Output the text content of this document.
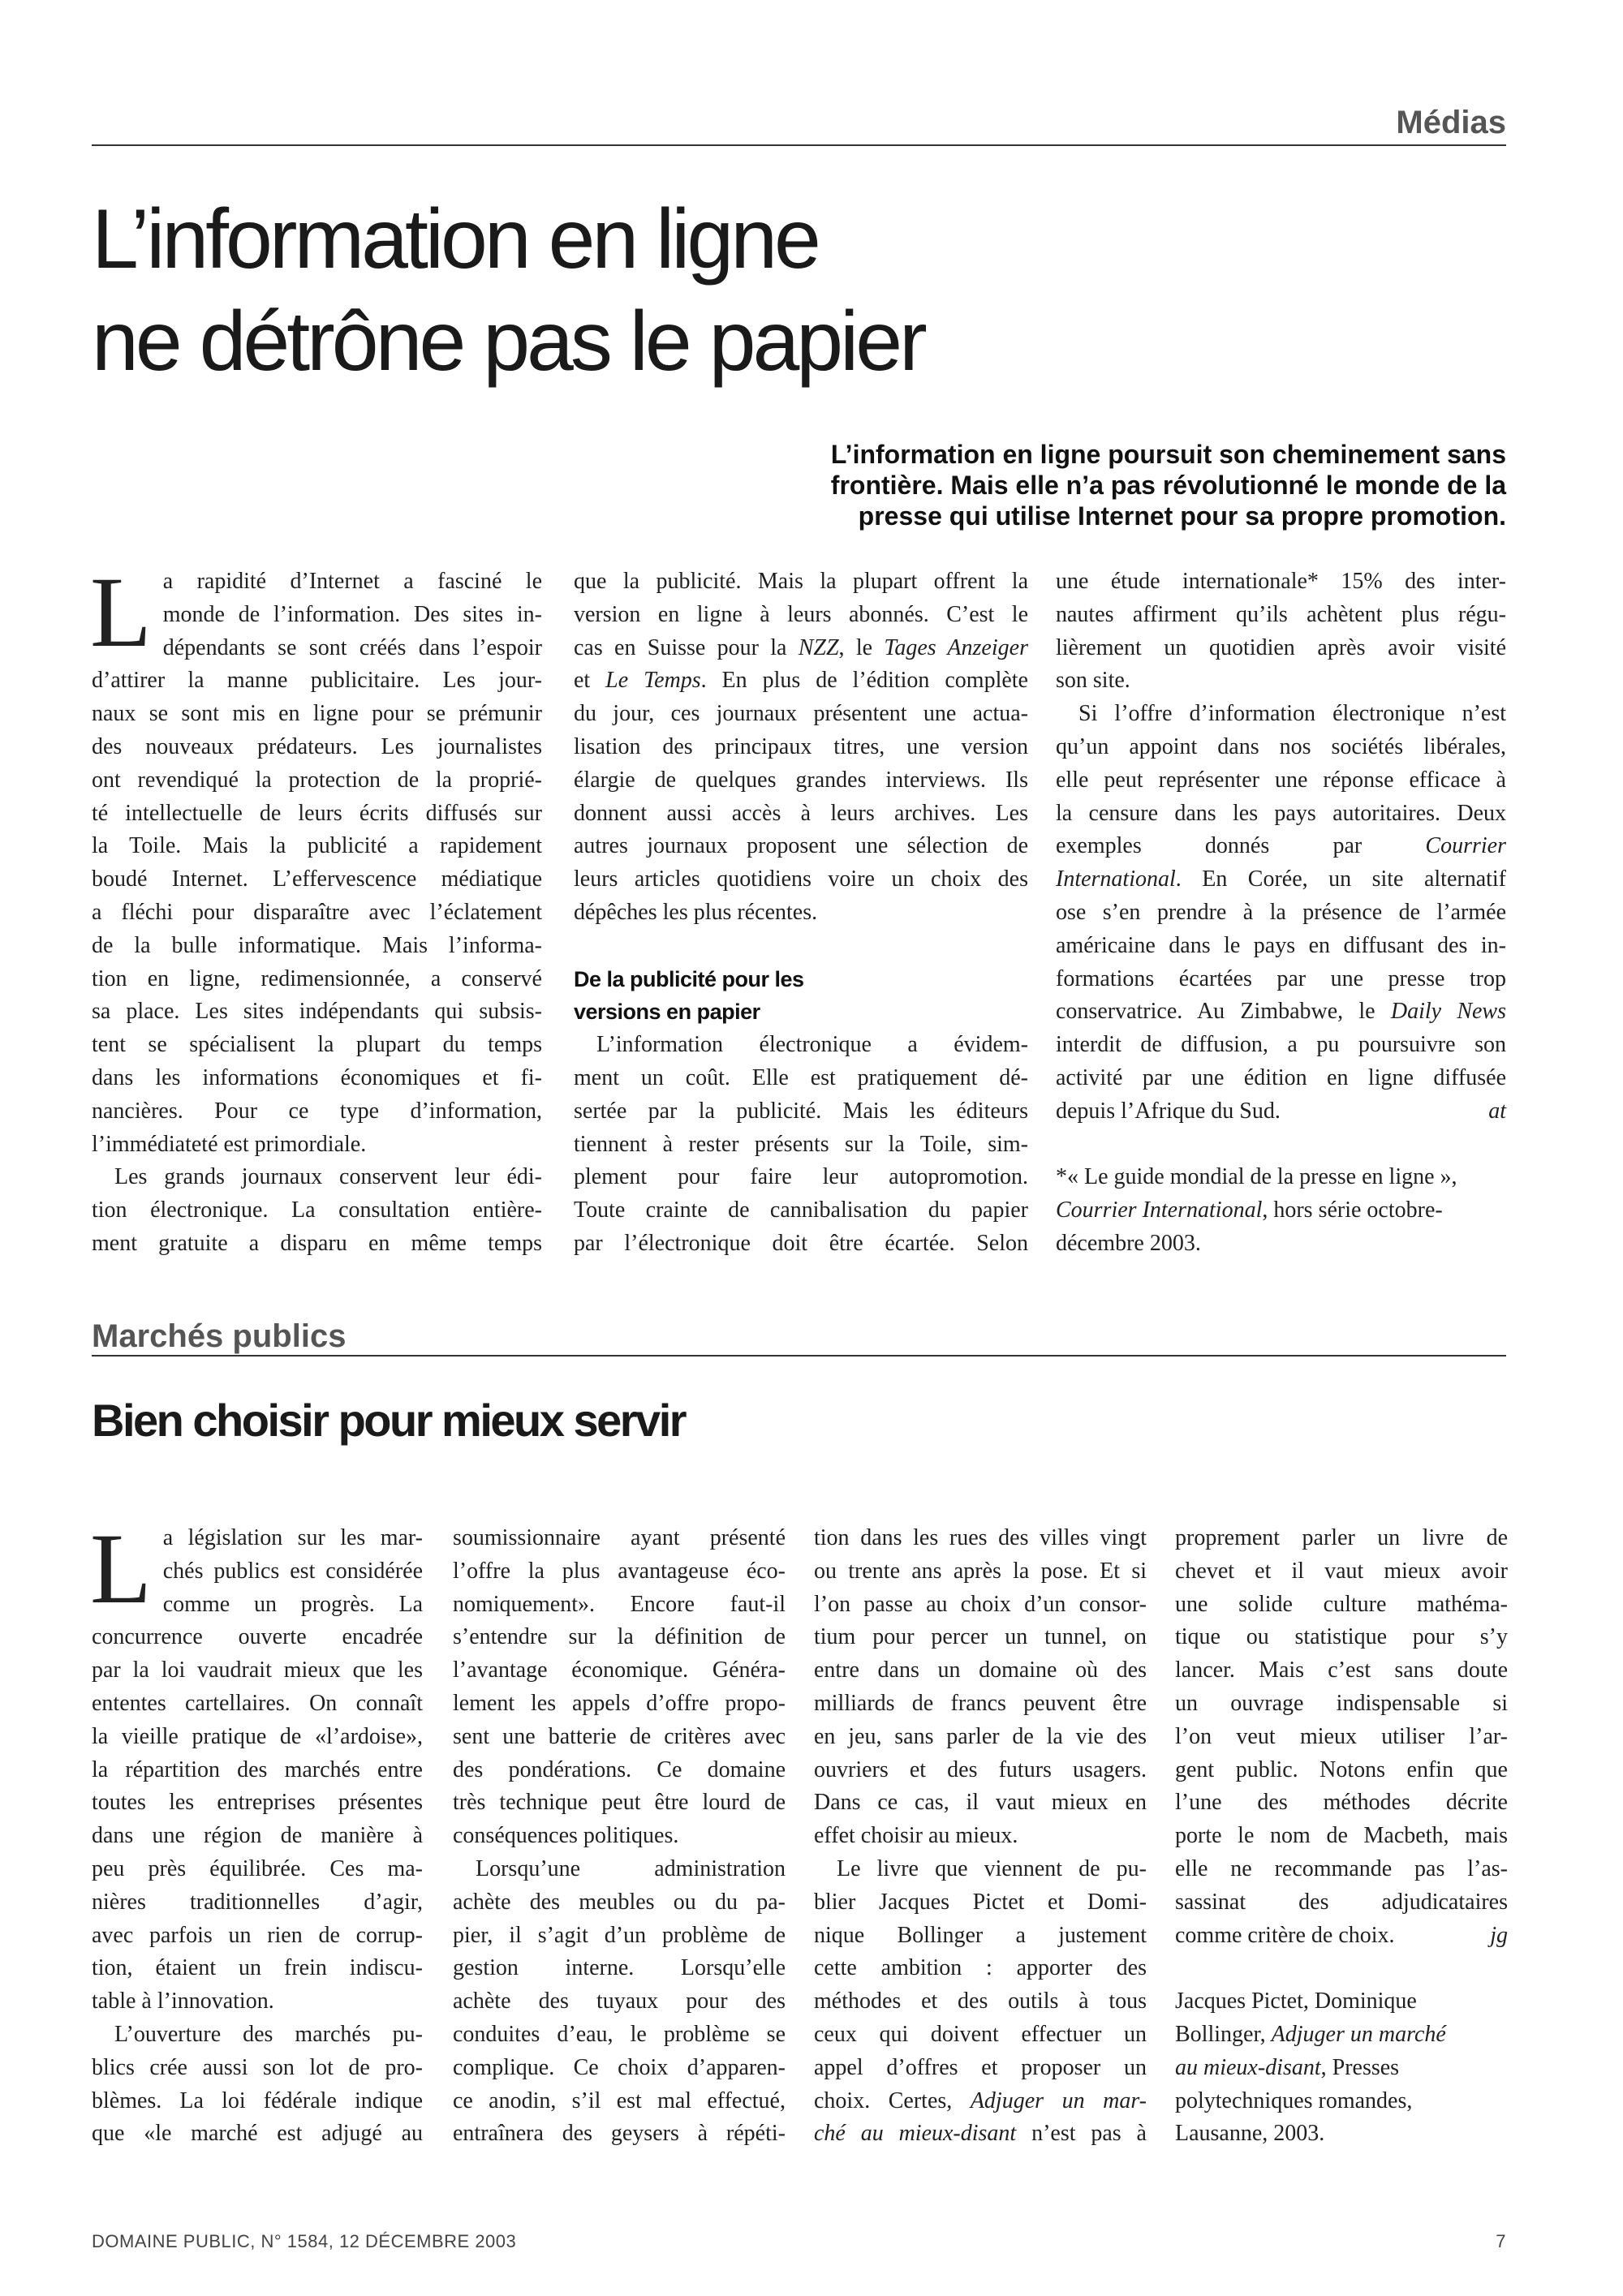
Médias
L’information en ligne
ne détrône pas le papier
L’information en ligne poursuit son cheminement sans
frontière. Mais elle n’a pas révolutionné le monde de la
presse qui utilise Internet pour sa propre promotion.
L a rapidité d’Internet a fasciné le
monde de l’information. Des sites in-
dépendants se sont créés dans l’espoir
d’attirer la manne publicitaire. Les jour-
naux se sont mis en ligne pour se prémunir
des nouveaux prédateurs. Les journalistes
ont revendiqué la protection de la proprié-
té intellectuelle de leurs écrits diffusés sur
la Toile. Mais la publicité a rapidement
boudé Internet. L’effervescence médiatique
a fléchi pour disparaître avec l’éclatement
de la bulle informatique. Mais l’informa-
tion en ligne, redimensionnée, a conservé
sa place. Les sites indépendants qui subsis-
tent se spécialisent la plupart du temps
dans les informations économiques et fi-
nancières. Pour ce type d’information,
l’immédiateté est primordiale.
Les grands journaux conservent leur édi-
tion électronique. La consultation entière-
ment gratuite a disparu en même temps
que la publicité. Mais la plupart offrent la
version en ligne à leurs abonnés. C’est le
cas en Suisse pour la NZZ, le Tages Anzeiger
et Le Temps. En plus de l’édition complète
du jour, ces journaux présentent une actua-
lisation des principaux titres, une version
élargie de quelques grandes interviews. Ils
donnent aussi accès à leurs archives. Les
autres journaux proposent une sélection de
leurs articles quotidiens voire un choix des
dépêches les plus récentes.
De la publicité pour les
versions en papier
L’information électronique a évidem-
ment un coût. Elle est pratiquement dé-
sertée par la publicité. Mais les éditeurs
tiennent à rester présents sur la Toile, sim-
plement pour faire leur autopromotion.
Toute crainte de cannibalisation du papier
par l’électronique doit être écartée. Selon
une étude internationale* 15% des inter-
nautes affirment qu’ils achètent plus régu-
lièrement un quotidien après avoir visité
son site.
Si l’offre d’information électronique n’est
qu’un appoint dans nos sociétés libérales,
elle peut représenter une réponse efficace à
la censure dans les pays autoritaires. Deux
exemples donnés par Courrier
International. En Corée, un site alternatif
ose s’en prendre à la présence de l’armée
américaine dans le pays en diffusant des in-
formations écartées par une presse trop
conservatrice. Au Zimbabwe, le Daily News
interdit de diffusion, a pu poursuivre son
activité par une édition en ligne diffusée
depuis l’Afrique du Sud.	at
*« Le guide mondial de la presse en ligne »,
Courrier International, hors série octobre-
décembre 2003.
Marchés publics
Bien choisir pour mieux servir
L a législation sur les mar-
chés publics est considérée
comme un progrès. La
concurrence ouverte encadrée
par la loi vaudrait mieux que les
ententes cartellaires. On connaît
la vieille pratique de «l’ardoise»,
la répartition des marchés entre
toutes les entreprises présentes
dans une région de manière à
peu près équilibrée. Ces ma-
nières traditionnelles d’agir,
avec parfois un rien de corrup-
tion, étaient un frein indiscu-
table à l’innovation.
L’ouverture des marchés pu-
blics crée aussi son lot de pro-
blèmes. La loi fédérale indique
que «le marché est adjugé au
soumissionnaire ayant présenté
l’offre la plus avantageuse éco-
nomiquement». Encore faut-il
s’entendre sur la définition de
l’avantage économique. Généra-
lement les appels d’offre propo-
sent une batterie de critères avec
des pondérations. Ce domaine
très technique peut être lourd de
conséquences politiques.
Lorsqu’une administration
achète des meubles ou du pa-
pier, il s’agit d’un problème de
gestion interne. Lorsqu’elle
achète des tuyaux pour des
conduites d’eau, le problème se
complique. Ce choix d’apparen-
ce anodin, s’il est mal effectué,
entraînera des geysers à répéti-
tion dans les rues des villes vingt
ou trente ans après la pose. Et si
l’on passe au choix d’un consor-
tium pour percer un tunnel, on
entre dans un domaine où des
milliards de francs peuvent être
en jeu, sans parler de la vie des
ouvriers et des futurs usagers.
Dans ce cas, il vaut mieux en
effet choisir au mieux.
Le livre que viennent de pu-
blier Jacques Pictet et Domi-
nique Bollinger a justement
cette ambition : apporter des
méthodes et des outils à tous
ceux qui doivent effectuer un
appel d’offres et proposer un
choix. Certes, Adjuger un mar-
ché au mieux-disant n’est pas à
proprement parler un livre de
chevet et il vaut mieux avoir
une solide culture mathéma-
tique ou statistique pour s’y
lancer. Mais c’est sans doute
un ouvrage indispensable si
l’on veut mieux utiliser l’ar-
gent public. Notons enfin que
l’une des méthodes décrite
porte le nom de Macbeth, mais
elle ne recommande pas l’as-
sassinat des adjudicataires
comme critère de choix.	jg
Jacques Pictet, Dominique
Bollinger, Adjuger un marché
au mieux-disant, Presses
polytechniques romandes,
Lausanne, 2003.
DOMAINE PUBLIC, N° 1584, 12 DÉCEMBRE 2003	7
